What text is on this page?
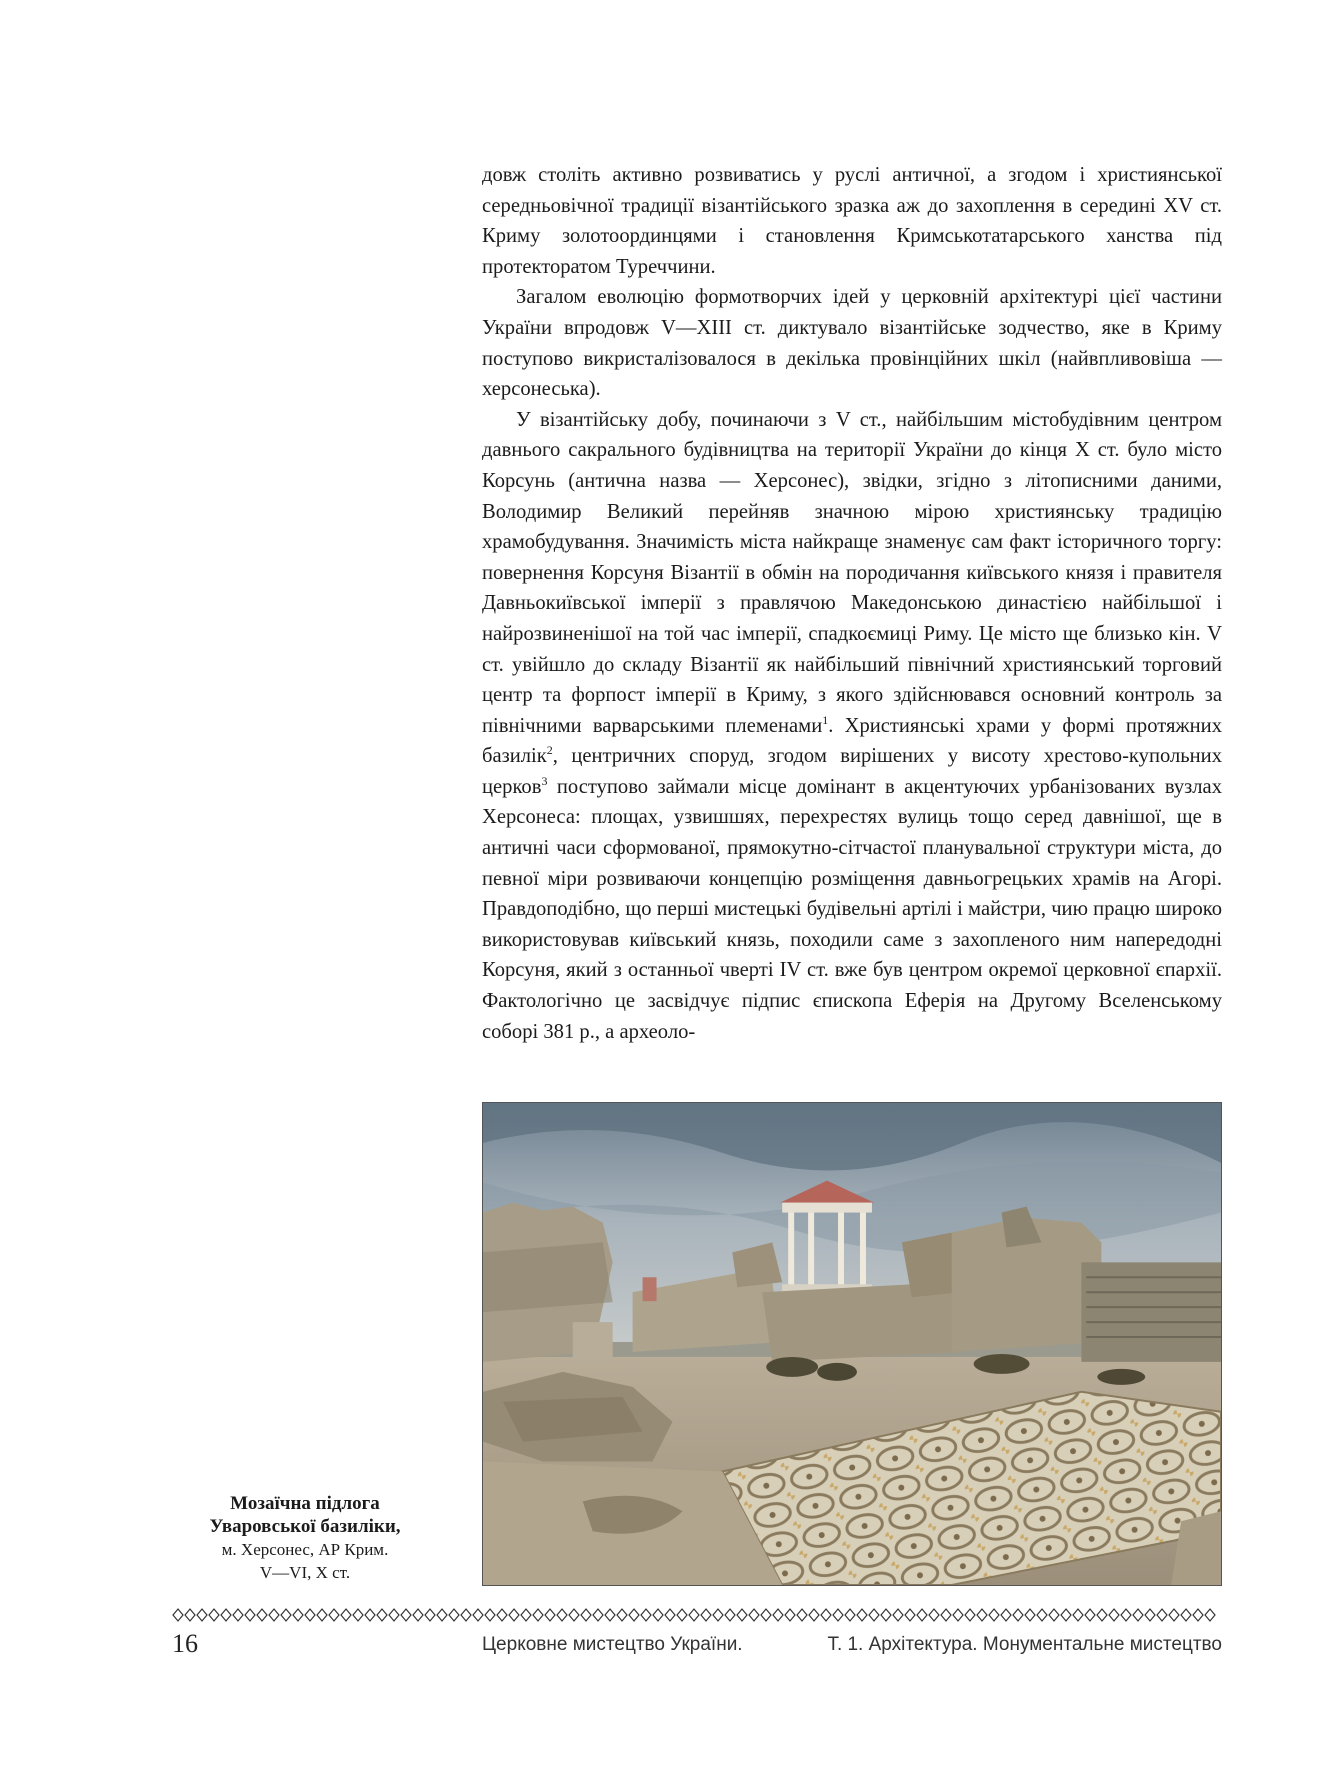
довж століть активно розвиватись у руслі античної, а згодом і християнської середньовічної традиції візантійського зразка аж до захоплення в середині XV ст. Криму золотоординцями і становлення Кримськотатарського ханства під протекторатом Туреччини.

Загалом еволюцію формотворчих ідей у церковній архітектурі цієї частини України впродовж V—XIII ст. диктувало візантійське зодчество, яке в Криму поступово викристалізовалося в декілька провінційних шкіл (найвпливовіша — херсонеська).

У візантійську добу, починаючи з V ст., найбільшим містобудівним центром давнього сакрального будівництва на території України до кінця X ст. було місто Корсунь (антична назва — Херсонес), звідки, згідно з літописними даними, Володимир Великий перейняв значною мірою християнську традицію храмобудування. Значимість міста найкраще знаменує сам факт історичного торгу: повернення Корсуня Візантії в обмін на породичання київського князя і правителя Давньокиївської імперії з правлячою Македонською династією найбільшої і найрозвиненішої на той час імперії, спадкоємиці Риму. Це місто ще близько кін. V ст. увійшло до складу Візантії як найбільший північний християнський торговий центр та форпост імперії в Криму, з якого здійснювався основний контроль за північними варварськими племенами$^1$. Християнські храми у формі протяжних базилік$^2$, центричних споруд, згодом вирішених у висоту хрестово-купольних церков$^3$ поступово займали місце домінант в акцентуючих урбанізованих вузлах Херсонеса: площах, узвишшях, перехрестях вулиць тощо серед давнішої, ще в античні часи сформованої, прямокутно-сітчастої планувальної структури міста, до певної міри розвиваючи концепцію розміщення давньогрецьких храмів на Агорі. Правдоподібно, що перші мистецькі будівельні артілі і майстри, чию працю широко використовував київський князь, походили саме з захопленого ним напередодні Корсуня, який з останньої чверті IV ст. вже був центром окремої церковної єпархії. Фактологічно це засвідчує підпис єпископа Еферія на Другому Вселенському соборі 381 р., а археоло-

Мозаїчна підлога
Уваровської базиліки,
м. Херсонес, АР Крим.
V—VI, X ст.
16	Церковне мистецтво України.	Т. 1. Архітектура. Монументальне мистецтво
